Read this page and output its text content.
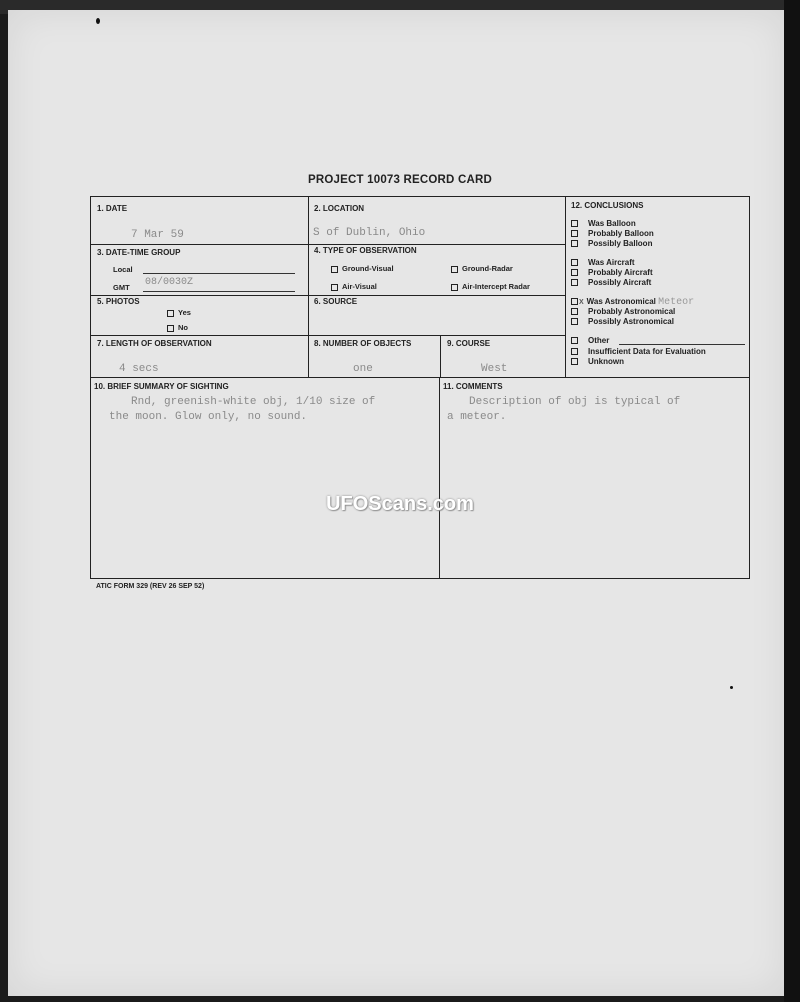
PROJECT 10073 RECORD CARD
1. DATE
7 Mar 59
2. LOCATION
S of Dublin, Ohio
3. DATE-TIME GROUP
Local
GMT 08/0030Z
4. TYPE OF OBSERVATION
Ground-Visual	Ground-Radar
Air-Visual	Air-Intercept Radar
5. PHOTOS
Yes
No
6. SOURCE
7. LENGTH OF OBSERVATION
4 secs
8. NUMBER OF OBJECTS
one
9. COURSE
West
10. BRIEF SUMMARY OF SIGHTING
Rnd, greenish-white obj, 1/10 size of
the moon. Glow only, no sound.
11. COMMENTS
Description of obj is typical of
a meteor.
12. CONCLUSIONS
Was Balloon
Probably Balloon
Possibly Balloon
Was Aircraft
Probably Aircraft
Possibly Aircraft
X Was Astronomical Meteor
Probably Astronomical
Possibly Astronomical
Other
Insufficient Data for Evaluation
Unknown
UFOScans.com
ATIC FORM 329 (REV 26 SEP 52)
